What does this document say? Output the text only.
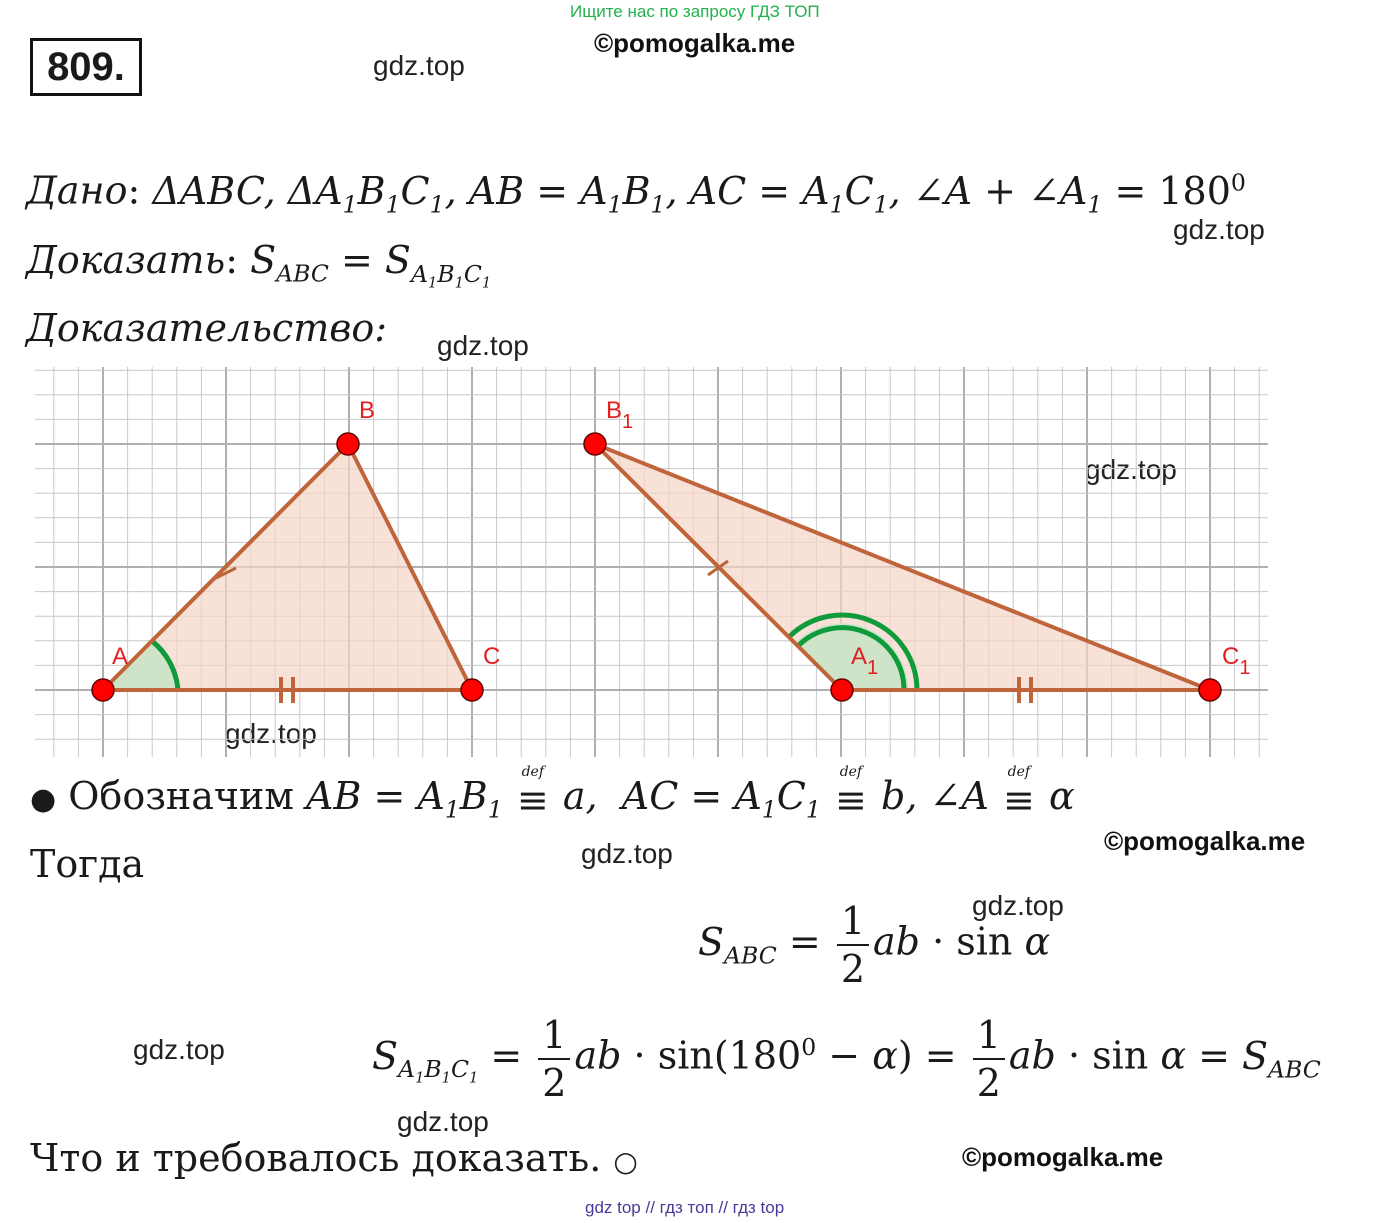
Ищите нас по запросу ГДЗ ТОП
©pomogalka.me
809.	gdz.top
gdz.top
gdz.top
gdz.top
gdz.top
gdz.top
gdz.top
gdz.top
gdz.top
©pomogalka.me
©pomogalka.me
Дано: ΔABC, $\Delta A_1B_1C_1$, AB = $A_1B_1$, AC = $A_1C_1$, ∠A + $\angle A_1 = 180^0$
Доказать: $S_{ABC} = S_{A_1B_1C_1}$
Доказательство:
A
B
C	$A_1$
$B_1$
$C_1$
● Обозначим AB = $A_1B_1$
def
≡ a,  AC = $A_1C_1$
def
≡ b, ∠A
def
≡ α
Тогда
$S_{ABC} = \frac{1}{2}$ ab · sin α
$S_{A_1B_1C_1} = \frac{1}{2}$ ab · $\sin(180^0 - \alpha) = \frac{1}{2}$ ab · $\sin \alpha = S_{ABC}$
Что и требовалось доказать. ○
gdz top // гдз топ // гдз top
